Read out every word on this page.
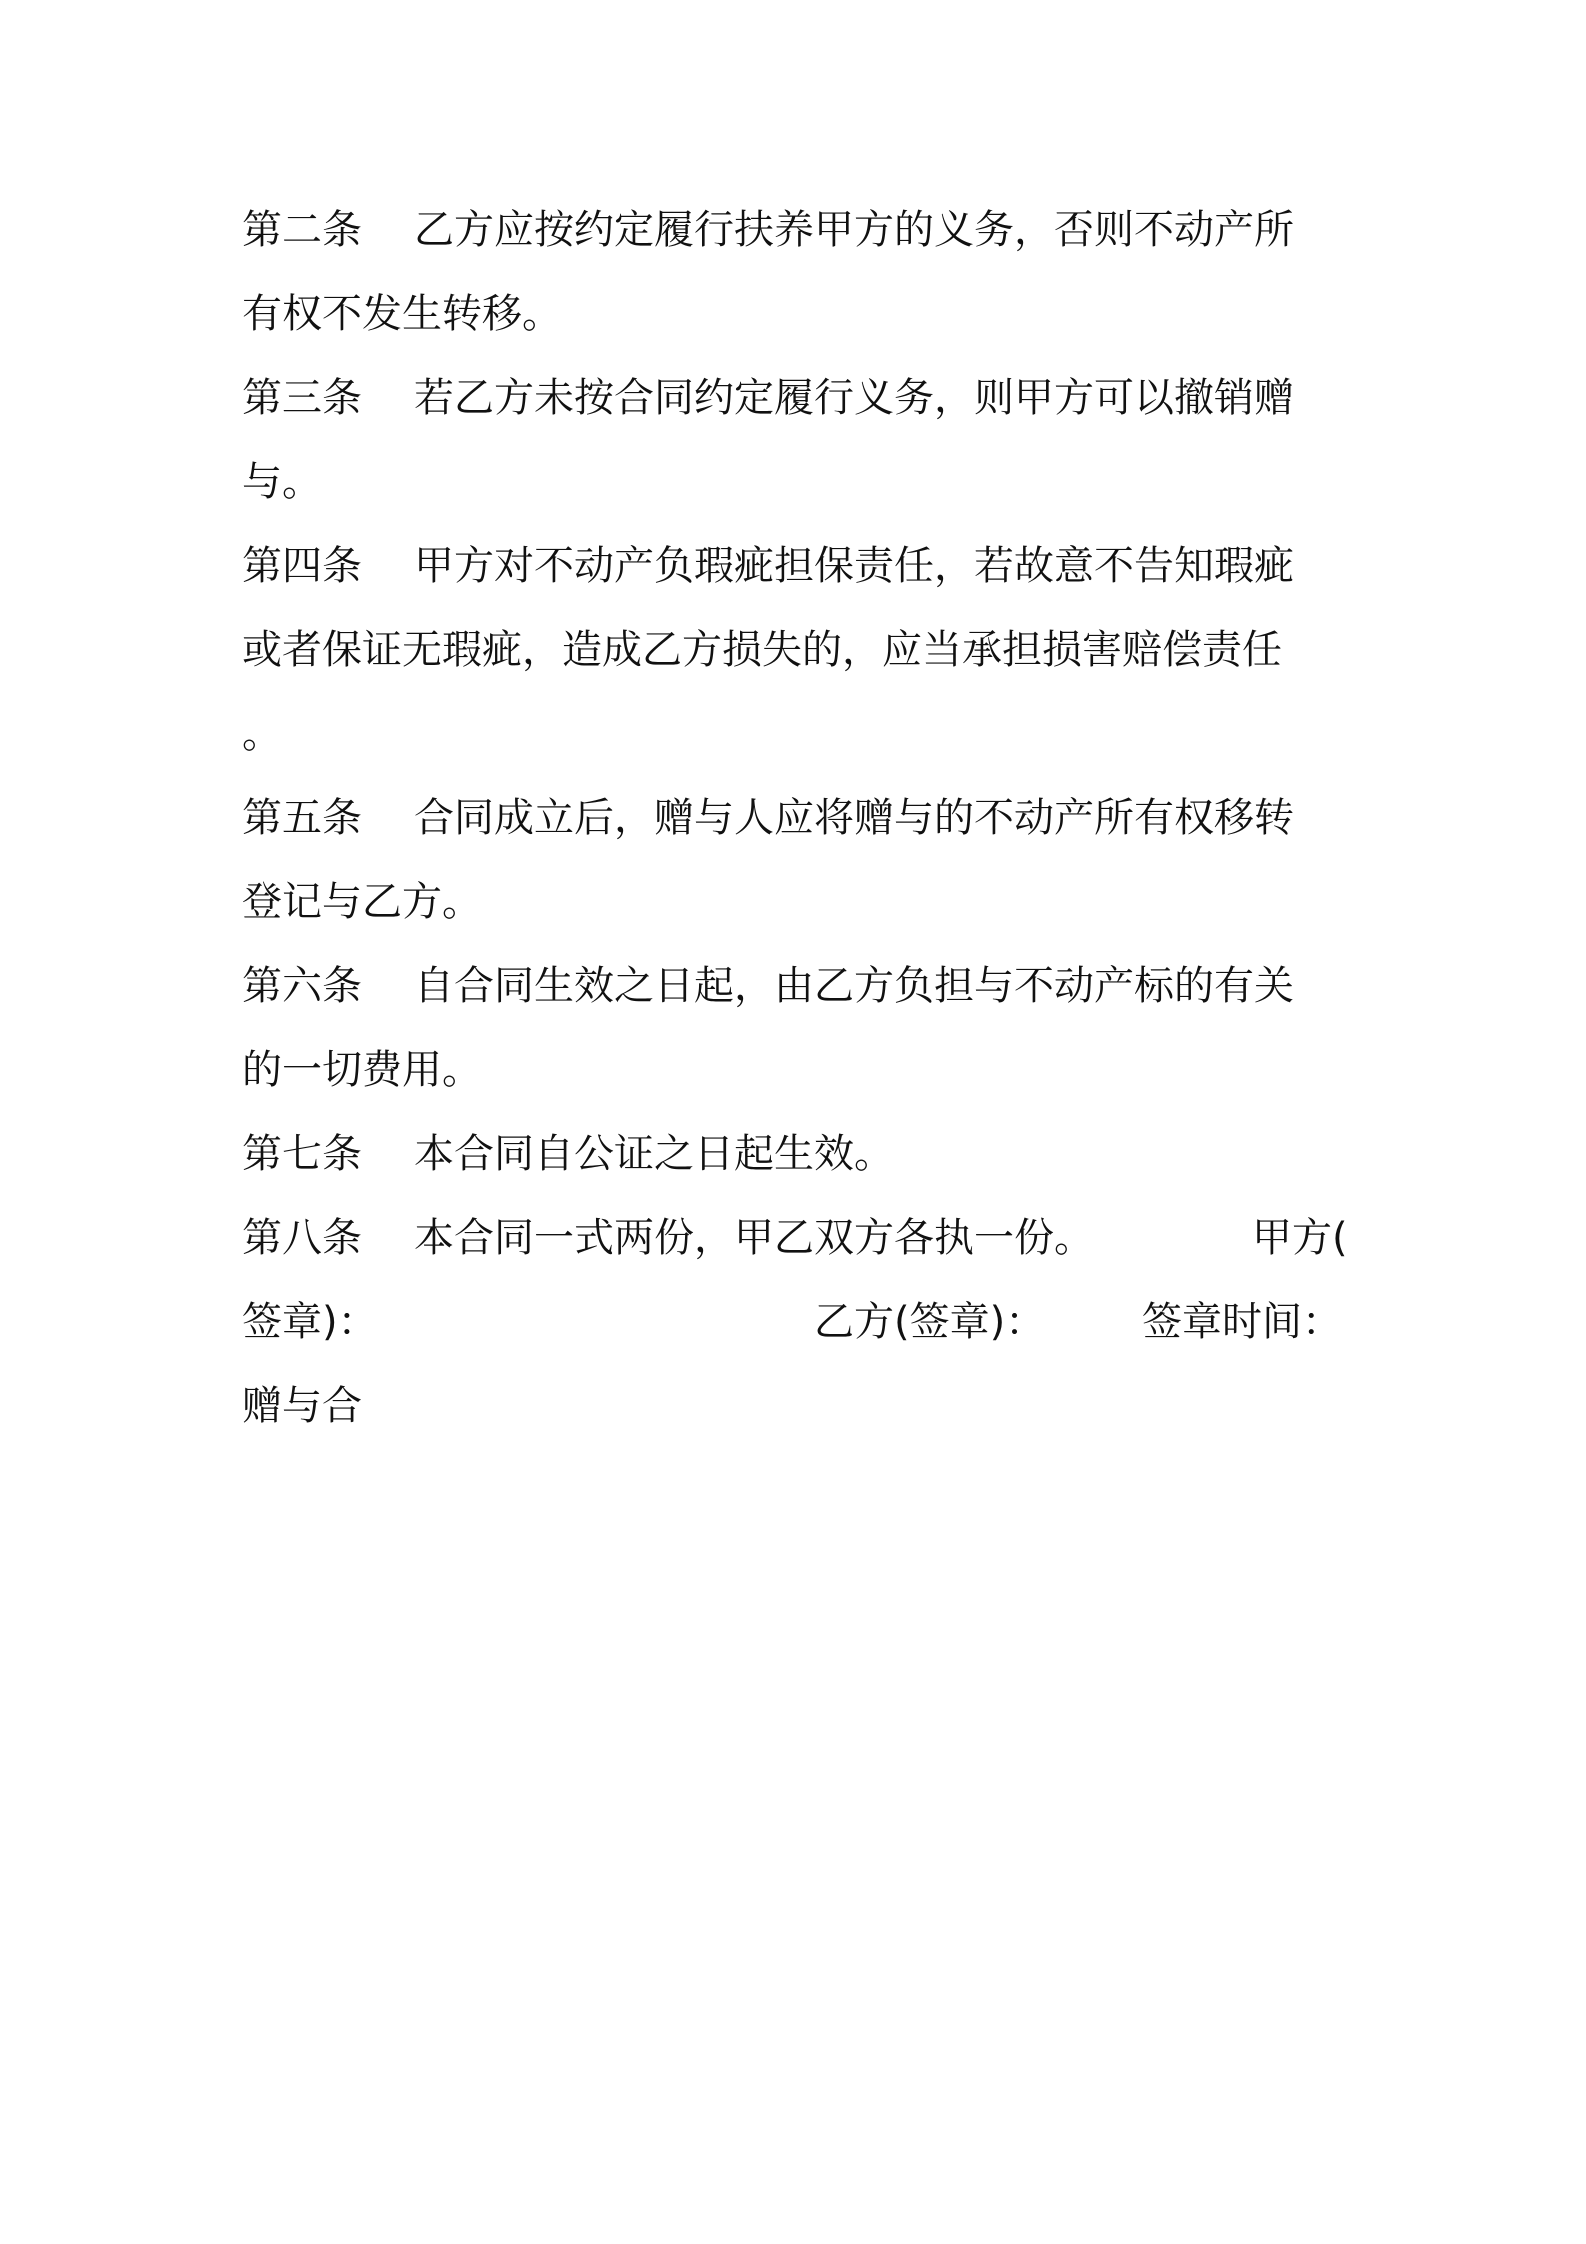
第二条 乙方应按约定履行扶养甲方的义务，否则不动产所
有权不发生转移。
第三条 若乙方未按合同约定履行义务，则甲方可以撤销赠
与。
第四条 甲方对不动产负瑕疵担保责任，若故意不告知瑕疵
或者保证无瑕疵，造成乙方损失的，应当承担损害赔偿责任
。
第五条 合同成立后，赠与人应将赠与的不动产所有权移转
登记与乙方。
第六条 自合同生效之日起，由乙方负担与不动产标的有关
的一切费用。
第七条 本合同自公证之日起生效。
第八条 本合同一式两份，甲乙双方各执一份。	甲方(
签章)：	乙方(签章)： 签章时间：
赠与合
